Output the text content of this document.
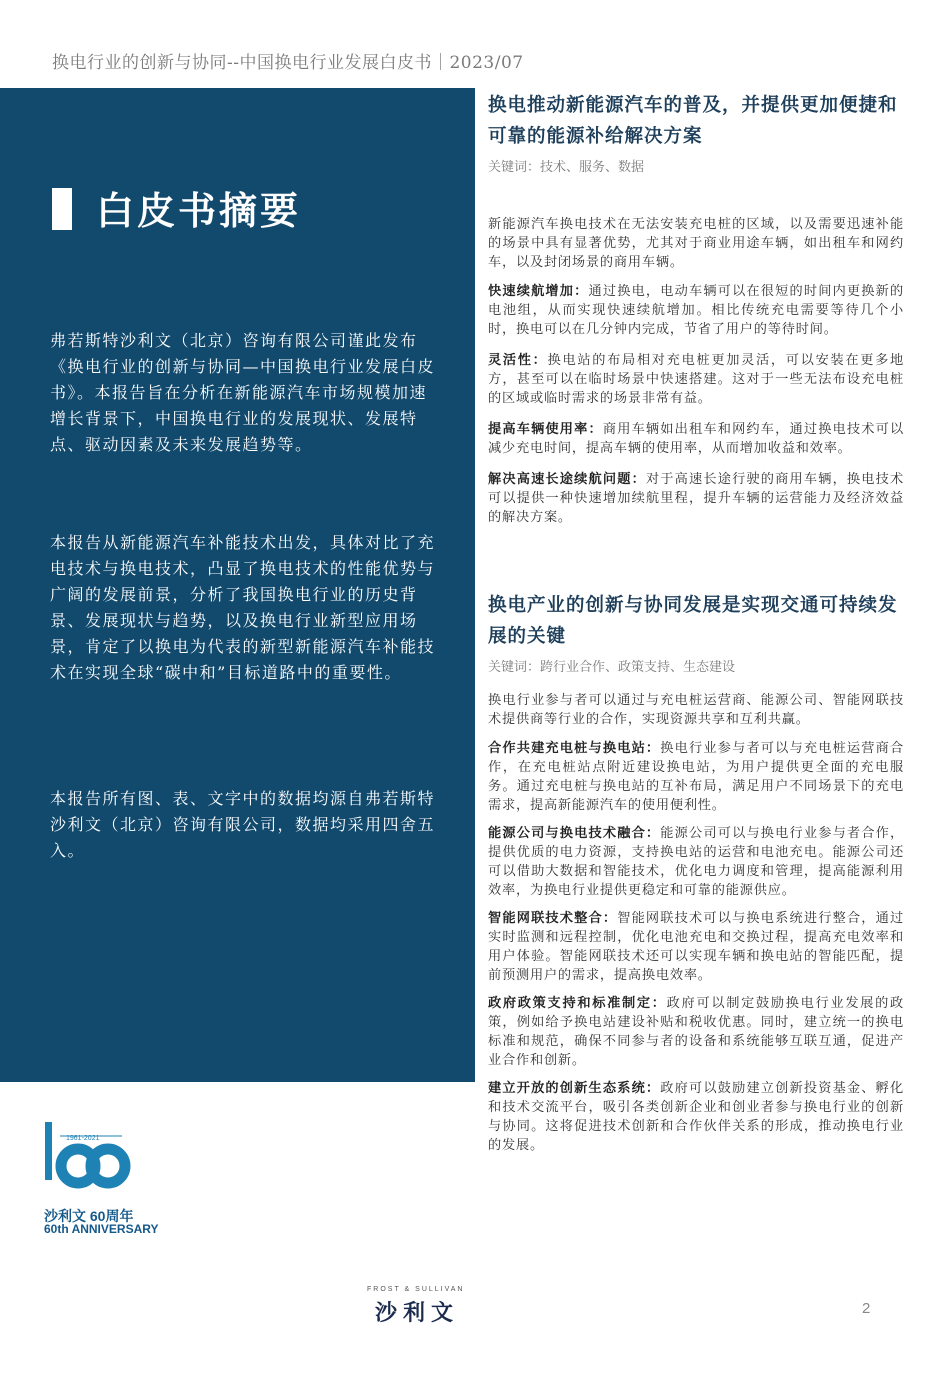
换电行业的创新与协同--中国换电行业发展白皮书｜2023/07
白皮书摘要

弗若斯特沙利文（北京）咨询有限公司谨此发布《换电行业的创新与协同—中国换电行业发展白皮书》。本报告旨在分析在新能源汽车市场规模加速增长背景下，中国换电行业的发展现状、发展特点、驱动因素及未来发展趋势等。

本报告从新能源汽车补能技术出发，具体对比了充电技术与换电技术，凸显了换电技术的性能优势与广阔的发展前景，分析了我国换电行业的历史背景、发展现状与趋势，以及换电行业新型应用场景，肯定了以换电为代表的新型新能源汽车补能技术在实现全球“碳中和”目标道路中的重要性。

本报告所有图、表、文字中的数据均源自弗若斯特沙利文（北京）咨询有限公司，数据均采用四舍五入。

换电推动新能源汽车的普及，并提供更加便捷和可靠的能源补给解决方案

关键词：技术、服务、数据

新能源汽车换电技术在无法安装充电桩的区域，以及需要迅速补能的场景中具有显著优势，尤其对于商业用途车辆，如出租车和网约车，以及封闭场景的商用车辆。

快速续航增加：通过换电，电动车辆可以在很短的时间内更换新的电池组，从而实现快速续航增加。相比传统充电需要等待几个小时，换电可以在几分钟内完成，节省了用户的等待时间。

灵活性：换电站的布局相对充电桩更加灵活，可以安装在更多地方，甚至可以在临时场景中快速搭建。这对于一些无法布设充电桩的区域或临时需求的场景非常有益。

提高车辆使用率：商用车辆如出租车和网约车，通过换电技术可以减少充电时间，提高车辆的使用率，从而增加收益和效率。

解决高速长途续航问题：对于高速长途行驶的商用车辆，换电技术可以提供一种快速增加续航里程，提升车辆的运营能力及经济效益的解决方案。

换电产业的创新与协同发展是实现交通可持续发展的关键

关键词：跨行业合作、政策支持、生态建设

换电行业参与者可以通过与充电桩运营商、能源公司、智能网联技术提供商等行业的合作，实现资源共享和互利共赢。

合作共建充电桩与换电站：换电行业参与者可以与充电桩运营商合作，在充电桩站点附近建设换电站，为用户提供更全面的充电服务。通过充电桩与换电站的互补布局，满足用户不同场景下的充电需求，提高新能源汽车的使用便利性。

能源公司与换电技术融合：能源公司可以与换电行业参与者合作，提供优质的电力资源，支持换电站的运营和电池充电。能源公司还可以借助大数据和智能技术，优化电力调度和管理，提高能源利用效率，为换电行业提供更稳定和可靠的能源供应。

智能网联技术整合：智能网联技术可以与换电系统进行整合，通过实时监测和远程控制，优化电池充电和交换过程，提高充电效率和用户体验。智能网联技术还可以实现车辆和换电站的智能匹配，提前预测用户的需求，提高换电效率。

政府政策支持和标准制定：政府可以制定鼓励换电行业发展的政策，例如给予换电站建设补贴和税收优惠。同时，建立统一的换电标准和规范，确保不同参与者的设备和系统能够互联互通，促进产业合作和创新。

建立开放的创新生态系统：政府可以鼓励建立创新投资基金、孵化和技术交流平台，吸引各类创新企业和创业者参与换电行业的创新与协同。这将促进技术创新和合作伙伴关系的形成，推动换电行业的发展。

1961-2021
沙利文 60周年
60th ANNIVERSARY
FROST & SULLIVAN
沙利文	2
